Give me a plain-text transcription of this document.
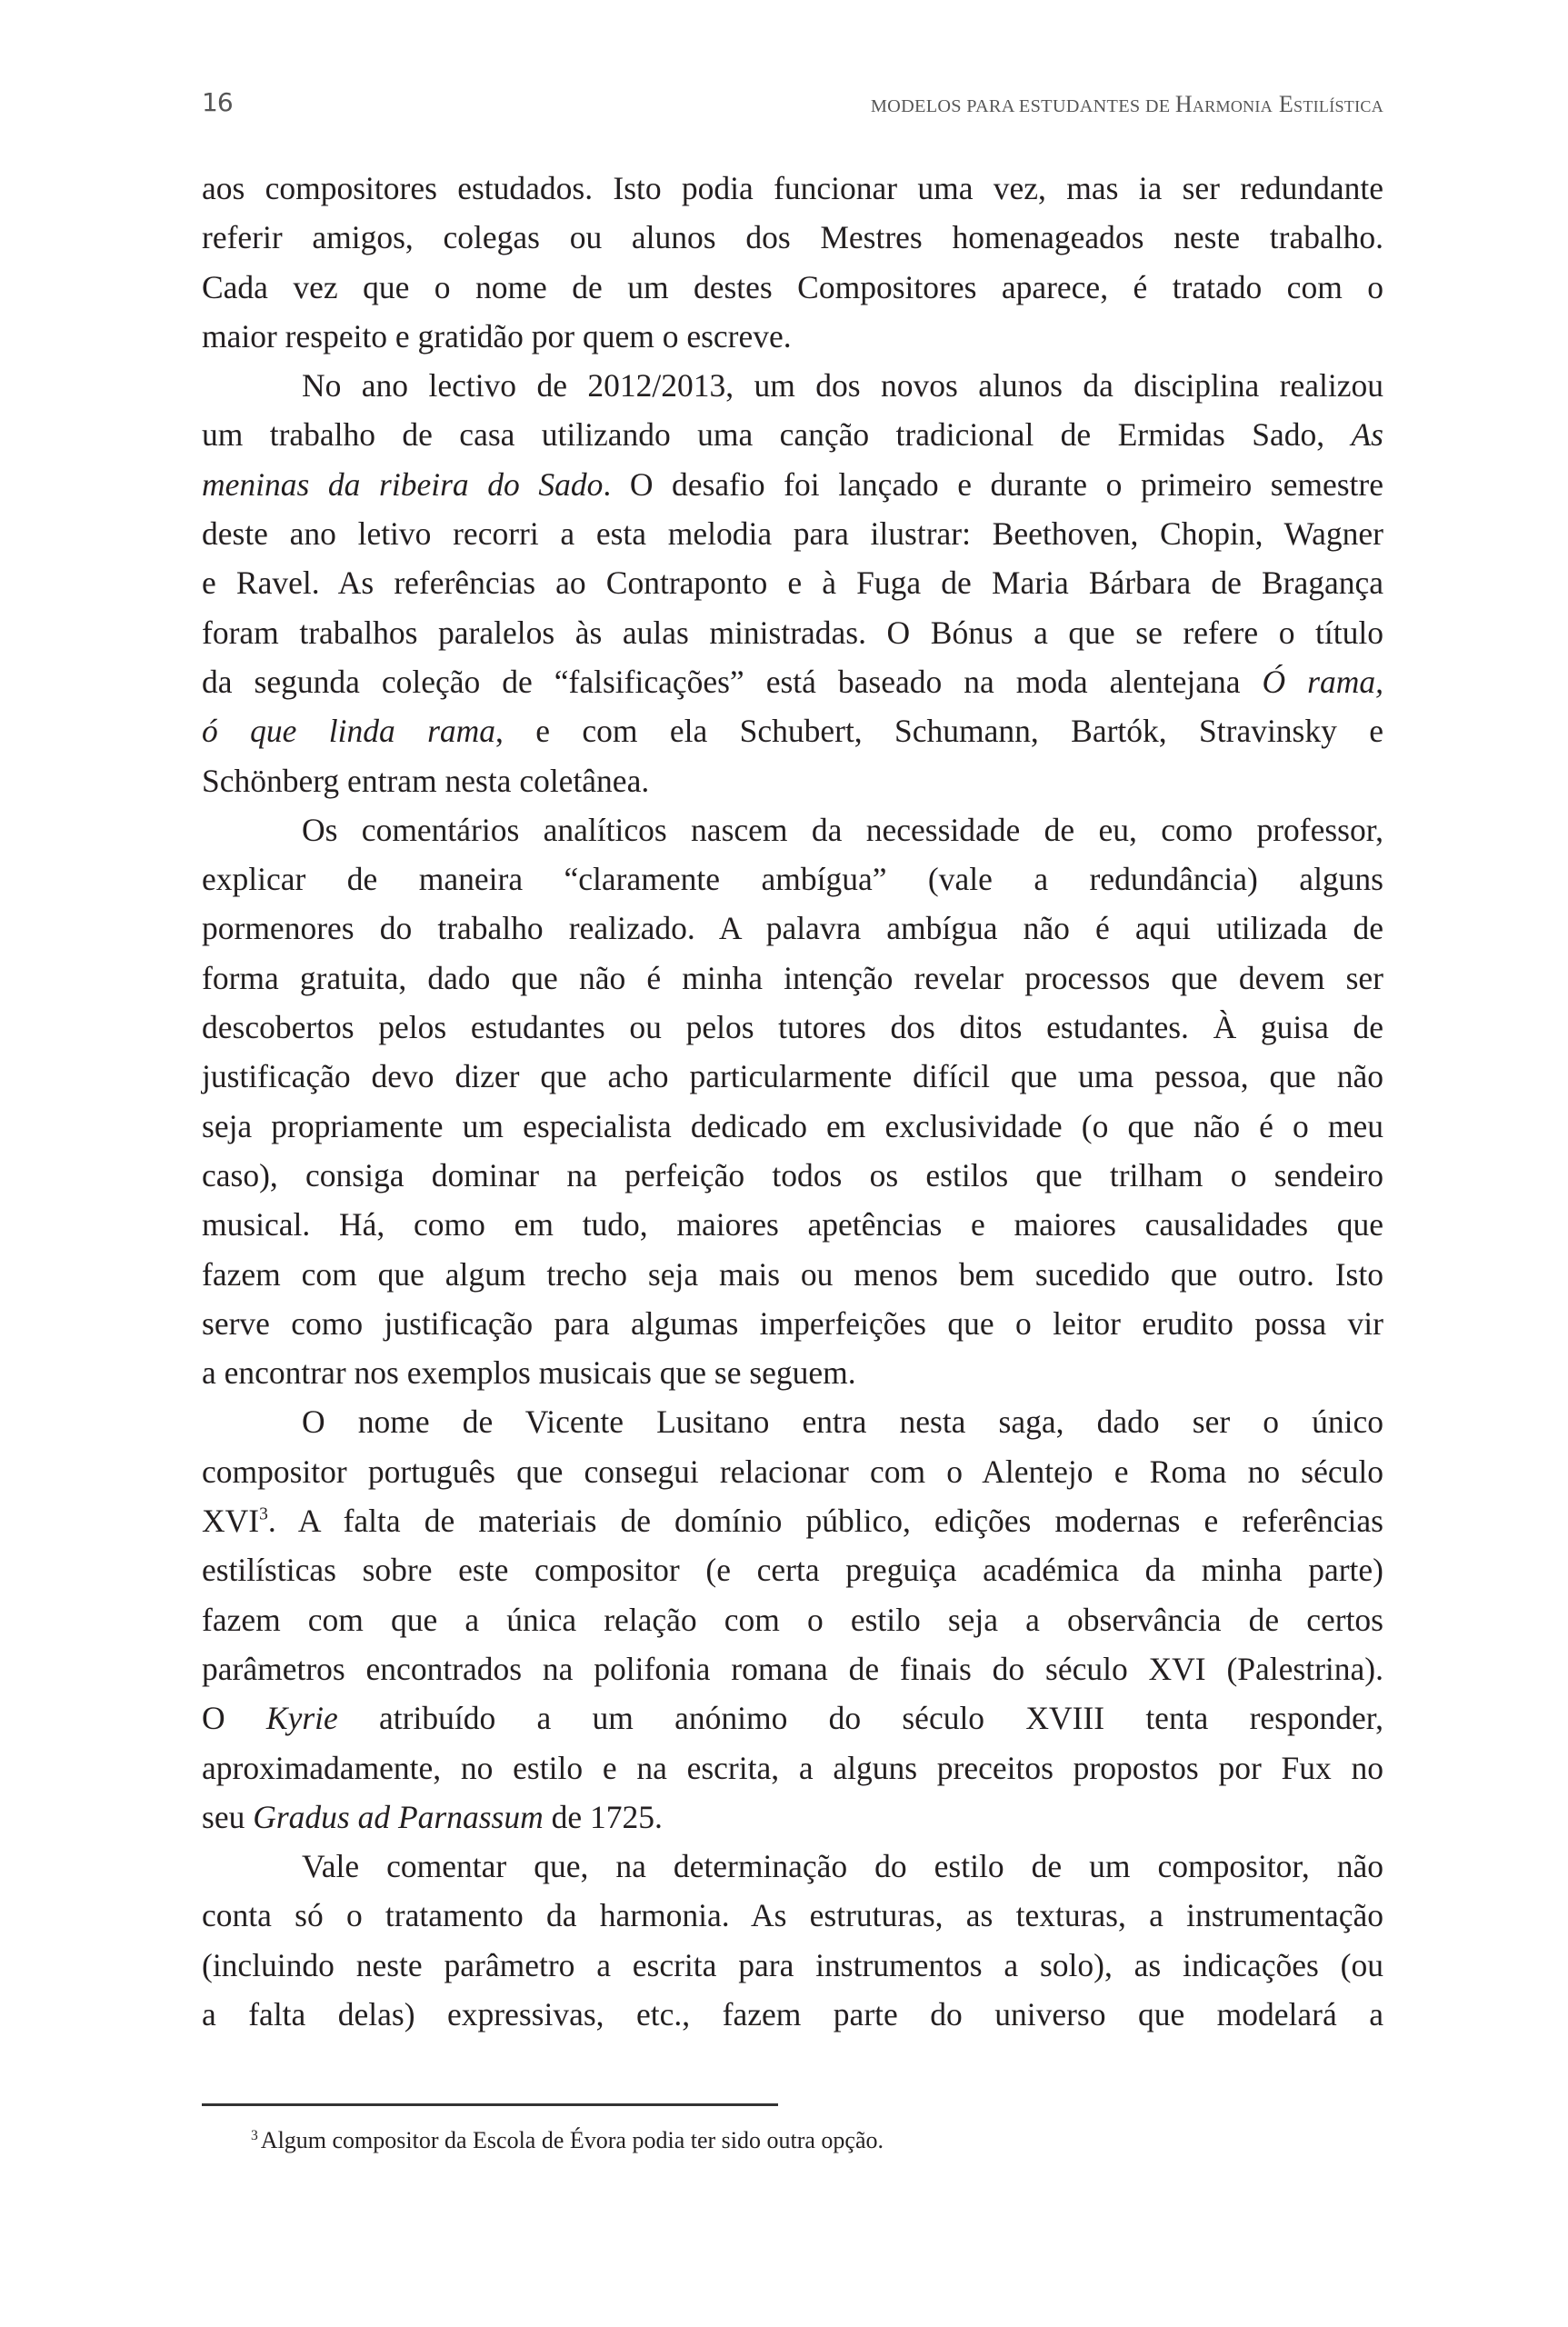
16	MODELOS PARA ESTUDANTES DE Harmonia Estilística

aos compositores estudados. Isto podia funcionar uma vez, mas ia ser redundante
referir amigos, colegas ou alunos dos Mestres homenageados neste trabalho.
Cada vez que o nome de um destes Compositores aparece, é tratado com o
maior respeito e gratidão por quem o escreve.

No ano lectivo de 2012/2013, um dos novos alunos da disciplina realizou
um trabalho de casa utilizando uma canção tradicional de Ermidas Sado, As
meninas da ribeira do Sado. O desafio foi lançado e durante o primeiro semestre
deste ano letivo recorri a esta melodia para ilustrar: Beethoven, Chopin, Wagner
e Ravel. As referências ao Contraponto e à Fuga de Maria Bárbara de Bragança
foram trabalhos paralelos às aulas ministradas. O Bónus a que se refere o título
da segunda coleção de “falsificações” está baseado na moda alentejana Ó rama,
ó que linda rama, e com ela Schubert, Schumann, Bartók, Stravinsky e
Schönberg entram nesta coletânea.

Os comentários analíticos nascem da necessidade de eu, como professor,
explicar de maneira “claramente ambígua” (vale a redundância) alguns
pormenores do trabalho realizado. A palavra ambígua não é aqui utilizada de
forma gratuita, dado que não é minha intenção revelar processos que devem ser
descobertos pelos estudantes ou pelos tutores dos ditos estudantes. À guisa de
justificação devo dizer que acho particularmente difícil que uma pessoa, que não
seja propriamente um especialista dedicado em exclusividade (o que não é o meu
caso), consiga dominar na perfeição todos os estilos que trilham o sendeiro
musical. Há, como em tudo, maiores apetências e maiores causalidades que
fazem com que algum trecho seja mais ou menos bem sucedido que outro. Isto
serve como justificação para algumas imperfeições que o leitor erudito possa vir
a encontrar nos exemplos musicais que se seguem.

O nome de Vicente Lusitano entra nesta saga, dado ser o único
compositor português que consegui relacionar com o Alentejo e Roma no século
XVI$^3$. A falta de materiais de domínio público, edições modernas e referências
estilísticas sobre este compositor (e certa preguiça académica da minha parte)
fazem com que a única relação com o estilo seja a observância de certos
parâmetros encontrados na polifonia romana de finais do século XVI (Palestrina).
O Kyrie atribuído a um anónimo do século XVIII tenta responder,
aproximadamente, no estilo e na escrita, a alguns preceitos propostos por Fux no
seu Gradus ad Parnassum de 1725.

Vale comentar que, na determinação do estilo de um compositor, não
conta só o tratamento da harmonia. As estruturas, as texturas, a instrumentação
(incluindo neste parâmetro a escrita para instrumentos a solo), as indicações (ou
a falta delas) expressivas, etc., fazem parte do universo que modelará a

$^3$ Algum compositor da Escola de Évora podia ter sido outra opção.
